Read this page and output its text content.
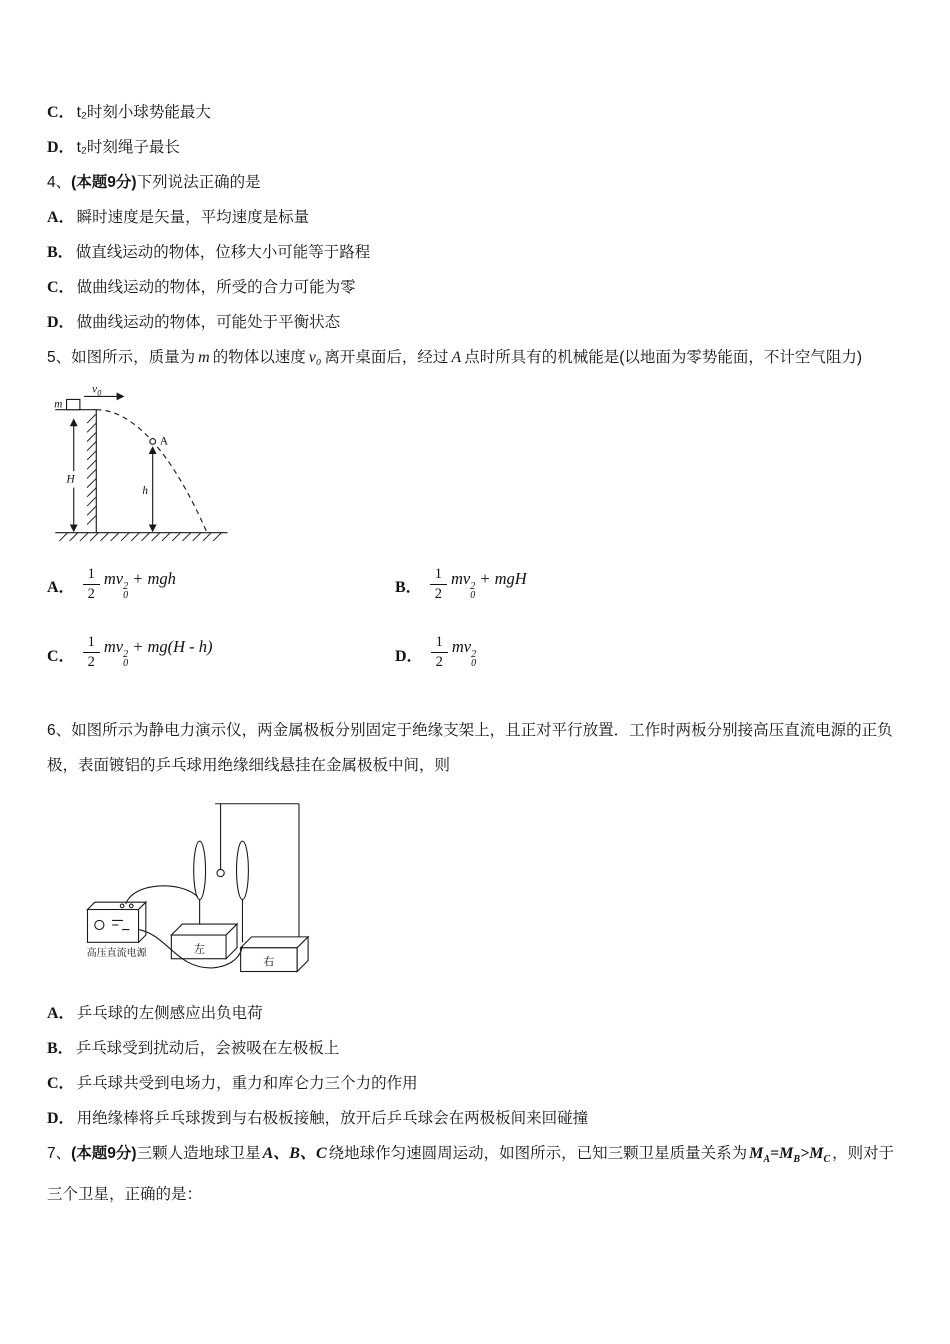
C． t₂时刻小球势能最大

D． t₂时刻绳子最长

4、(本题9分)下列说法正确的是

A． 瞬时速度是矢量，平均速度是标量

B． 做直线运动的物体，位移大小可能等于路程

C． 做曲线运动的物体，所受的合力可能为零

D． 做曲线运动的物体，可能处于平衡状态

5、如图所示，质量为 m 的物体以速度 v₀ 离开桌面后，经过 A 点时所具有的机械能是(以地面为零势能面，不计空气阻力)

m
$v_0$
H
h
A
A． $\frac{1}{2}$ mv 2
0
+ mgh
B． $\frac{1}{2}$ mv 2
0
+ mgH
C． $\frac{1}{2}$ mv 2
0
+ mg(H - h)
D． $\frac{1}{2}$ mv 2
0

6、如图所示为静电力演示仪，两金属极板分别固定于绝缘支架上，且正对平行放置．工作时两板分别接高压直流电源的正负极，表面镀铝的乒乓球用绝缘细线悬挂在金属极板中间，则

左
右
高压直流电源

A． 乒乓球的左侧感应出负电荷

B． 乒乓球受到扰动后，会被吸在左极板上

C． 乒乓球共受到电场力，重力和库仑力三个力的作用

D． 用绝缘棒将乒乓球拨到与右极板接触，放开后乒乓球会在两极板间来回碰撞

7、(本题9分)三颗人造地球卫星 A、B、C 绕地球作匀速圆周运动，如图所示，已知三颗卫星质量关系为 $M_A=M_B>M_C$ ，则对于三个卫星，正确的是：
